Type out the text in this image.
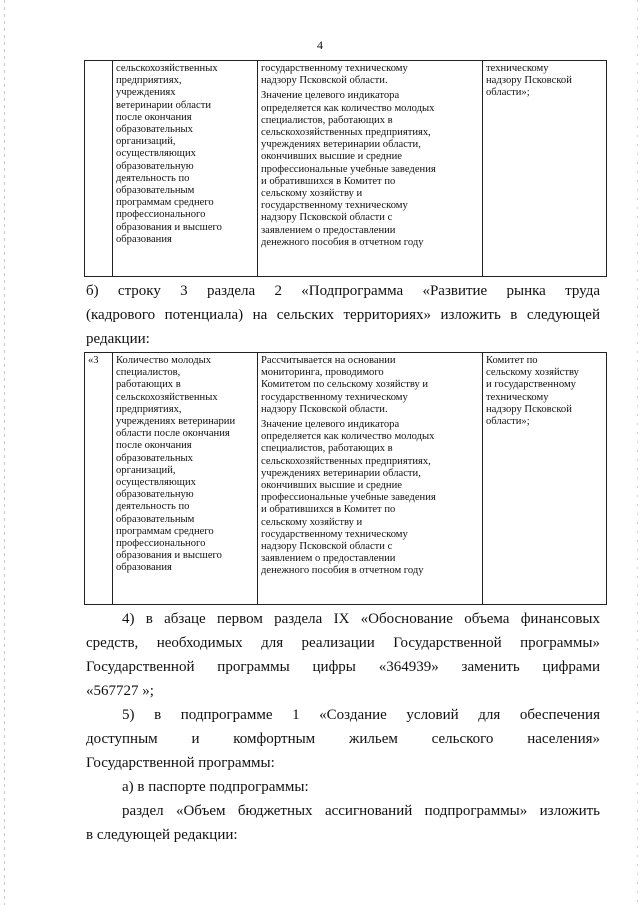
4

сельскохозяйственных
предприятиях,
учреждениях
ветеринарии области
после окончания
образовательных
организаций,
осуществляющих
образовательную
деятельность по
образовательным
программам среднего
профессионального
образования и высшего
образования

государственному техническому
надзору Псковской области.
Значение целевого индикатора
определяется как количество молодых
специалистов, работающих в
сельскохозяйственных предприятиях,
учреждениях ветеринарии области,
окончивших высшие и средние
профессиональные учебные заведения
и обратившихся в Комитет по
сельскому хозяйству и
государственному техническому
надзору Псковской области с
заявлением о предоставлении
денежного пособия в отчетном году

техническому
надзору Псковской
области»;
б) строку 3 раздела 2 «Подпрограмма «Развитие рынка труда
(кадрового потенциала) на сельских территориях» изложить в следующей
редакции:
«3	Количество молодых
специалистов,
работающих в
сельскохозяйственных
предприятиях,
учреждениях ветеринарии
области после окончания
после окончания
образовательных
организаций,
осуществляющих
образовательную
деятельность по
образовательным
программам среднего
профессионального
образования и высшего
образования

Рассчитывается на основании
мониторинга, проводимого
Комитетом по сельскому хозяйству и
государственному техническому
надзору Псковской области.
Значение целевого индикатора
определяется как количество молодых
специалистов, работающих в
сельскохозяйственных предприятиях,
учреждениях ветеринарии области,
окончивших высшие и средние
профессиональные учебные заведения
и обратившихся в Комитет по
сельскому хозяйству и
государственному техническому
надзору Псковской области с
заявлением о предоставлении
денежного пособия в отчетном году

Комитет по
сельскому хозяйству
и государственному
техническому
надзору Псковской
области»;
4) в абзаце первом раздела IX «Обоснование объема финансовых
средств, необходимых для реализации Государственной программы»
Государственной программы цифры «364939» заменить цифрами
«567727 »;
5) в подпрограмме 1 «Создание условий для обеспечения
доступным и комфортным жильем сельского населения»
Государственной программы:
а) в паспорте подпрограммы:
раздел «Объем бюджетных ассигнований подпрограммы» изложить
в следующей редакции:
